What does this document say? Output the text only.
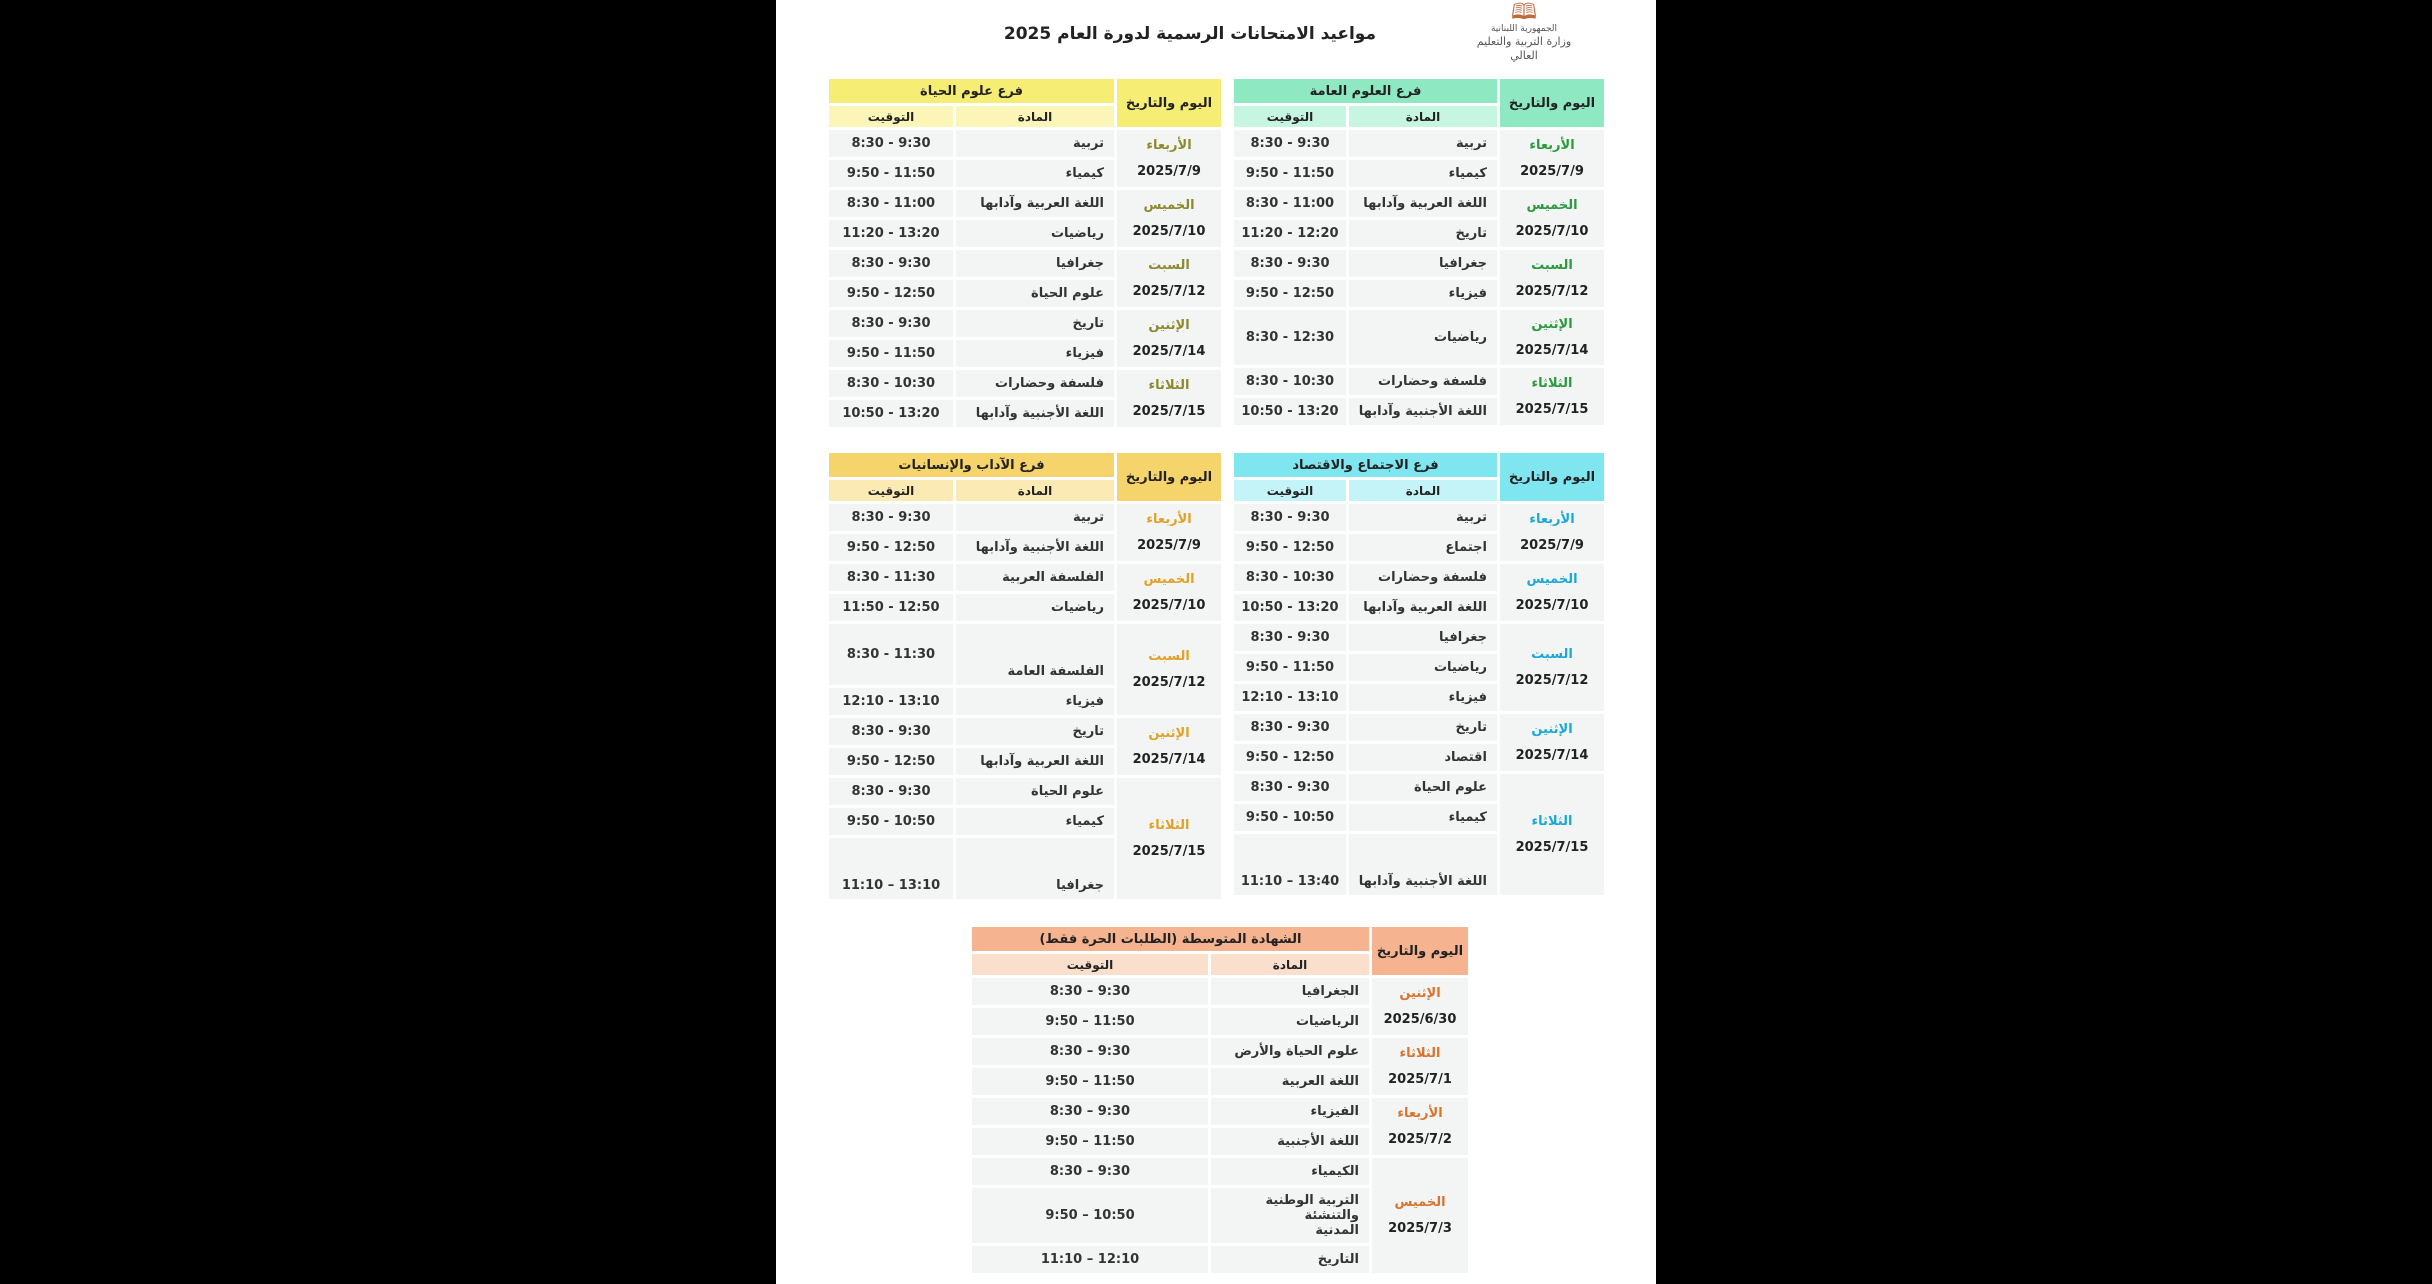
🕮
الجمهورية اللبنانية
وزارة التربية والتعليم العالي
مواعيد الامتحانات الرسمية لدورة العام 2025
اليوم والتاريخ	فرع العلوم العامة	
	المادة	التوقيت

الأربعاء
2025/7/9	تربية	8:30 - 9:30
	كيمياء	9:50 - 11:50

الخميس
2025/7/10	اللغة العربية وآدابها	8:30 - 11:00
	تاريخ	11:20 - 12:20

السبت
2025/7/12	جغرافيا	8:30 - 9:30
	فيزياء	9:50 - 12:50

الإثنين
2025/7/14	رياضيات	8:30 - 12:30

الثلاثاء
2025/7/15	فلسفة وحضارات	8:30 - 10:30
	اللغة الأجنبية وآدابها	10:50 - 13:20
اليوم والتاريخ	فرع علوم الحياة	
	المادة	التوقيت

الأربعاء
2025/7/9	تربية	8:30 - 9:30
	كيمياء	9:50 - 11:50

الخميس
2025/7/10	اللغة العربية وآدابها	8:30 - 11:00
	رياضيات	11:20 - 13:20

السبت
2025/7/12	جغرافيا	8:30 - 9:30
	علوم الحياة	9:50 - 12:50

الإثنين
2025/7/14	تاريخ	8:30 - 9:30
	فيزياء	9:50 - 11:50

الثلاثاء
2025/7/15	فلسفة وحضارات	8:30 - 10:30
	اللغة الأجنبية وآدابها	10:50 - 13:20
اليوم والتاريخ	فرع الاجتماع والاقتصاد	
	المادة	التوقيت

الأربعاء
2025/7/9	تربية	8:30 - 9:30
	اجتماع	9:50 - 12:50

الخميس
2025/7/10	فلسفة وحضارات	8:30 - 10:30
	اللغة العربية وآدابها	10:50 - 13:20

السبت
2025/7/12	جغرافيا	8:30 - 9:30
	رياضيات	9:50 - 11:50
	فيزياء	12:10 - 13:10

الإثنين
2025/7/14	تاريخ	8:30 - 9:30
	اقتصاد	9:50 - 12:50

الثلاثاء
2025/7/15	علوم الحياة	8:30 - 9:30
	كيمياء	9:50 - 10:50
	اللغة الأجنبية وآدابها	11:10 – 13:40
اليوم والتاريخ	فرع الآداب والإنسانيات	
	المادة	التوقيت

الأربعاء
2025/7/9	تربية	8:30 - 9:30
	اللغة الأجنبية وآدابها	9:50 - 12:50

الخميس
2025/7/10	الفلسفة العربية	8:30 - 11:30
	رياضيات	11:50 - 12:50

السبت
2025/7/12	الفلسفة العامة	8:30 - 11:30
	فيزياء	12:10 - 13:10

الإثنين
2025/7/14	تاريخ	8:30 - 9:30
	اللغة العربية وآدابها	9:50 - 12:50

الثلاثاء
2025/7/15	علوم الحياة	8:30 - 9:30
	كيمياء	9:50 - 10:50
	جغرافيا	11:10 – 13:10
اليوم والتاريخ	الشهادة المتوسطة (الطلبات الحرة فقط)	
	المادة	التوقيت

الإثنين
2025/6/30	الجغرافيا	8:30 – 9:30
	الرياضيات	9:50 – 11:50

الثلاثاء
2025/7/1	علوم الحياة والأرض	8:30 – 9:30
	اللغة العربية	9:50 – 11:50

الأربعاء
2025/7/2	الفيزياء	8:30 – 9:30
	اللغة الأجنبية	9:50 – 11:50

الخميس
2025/7/3	الكيمياء	8:30 – 9:30

	التربية الوطنية والتنشئة
المدنية	9:50 – 10:50
	التاريخ	11:10 – 12:10
